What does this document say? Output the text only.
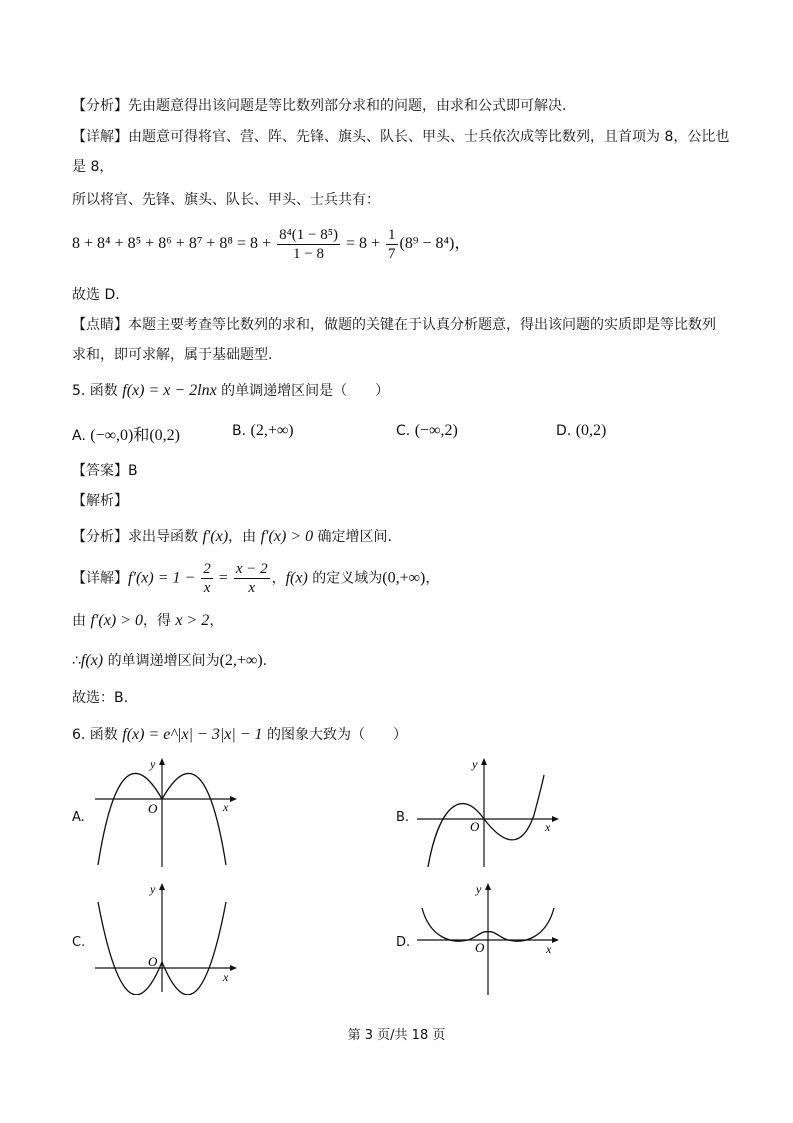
【分析】先由题意得出该问题是等比数列部分求和的问题，由求和公式即可解决.
【详解】由题意可得将官、营、阵、先锋、旗头、队长、甲头、士兵依次成等比数列，且首项为 8，公比也
是 8，
所以将官、先锋、旗头、队长、甲头、士兵共有：
$8 + 8^4 + 8^5 + 8^6 + 8^7 + 8^8 = 8 + \frac{\text{8⁴(1 − 8⁵)}}{1 - 8} = 8 + \frac{1}{7} (8^9 - 8^4)$，
故选 D.
【点睛】本题主要考查等比数列的求和，做题的关键在于认真分析题意，得出该问题的实质即是等比数列
求和，即可求解，属于基础题型.
5. 函数 f(x) = x − 2lnx 的单调递增区间是（　　）
A. (−∞,0)和(0,2)	B. (2,+∞)	C. (−∞,2)	D. (0,2)
【答案】B
【解析】
【分析】求出导函数 f′(x)，由 f′(x) > 0 确定增区间.
【详解】$f'(x) = 1 - \frac{2}{x} = \frac{x - 2}{x}$ ，f(x) 的定义域为(0,+∞)，
由 f′(x) > 0，得 x > 2，
∴f(x) 的单调递增区间为(2,+∞).
故选：B.
6. 函数 f(x) = e^|x| − 3|x| − 1 的图象大致为（　　）
A.	B.
C.	D.
O	x
y
O	x
y
O
x
y
O	x
y
第 3 页/共 18 页
